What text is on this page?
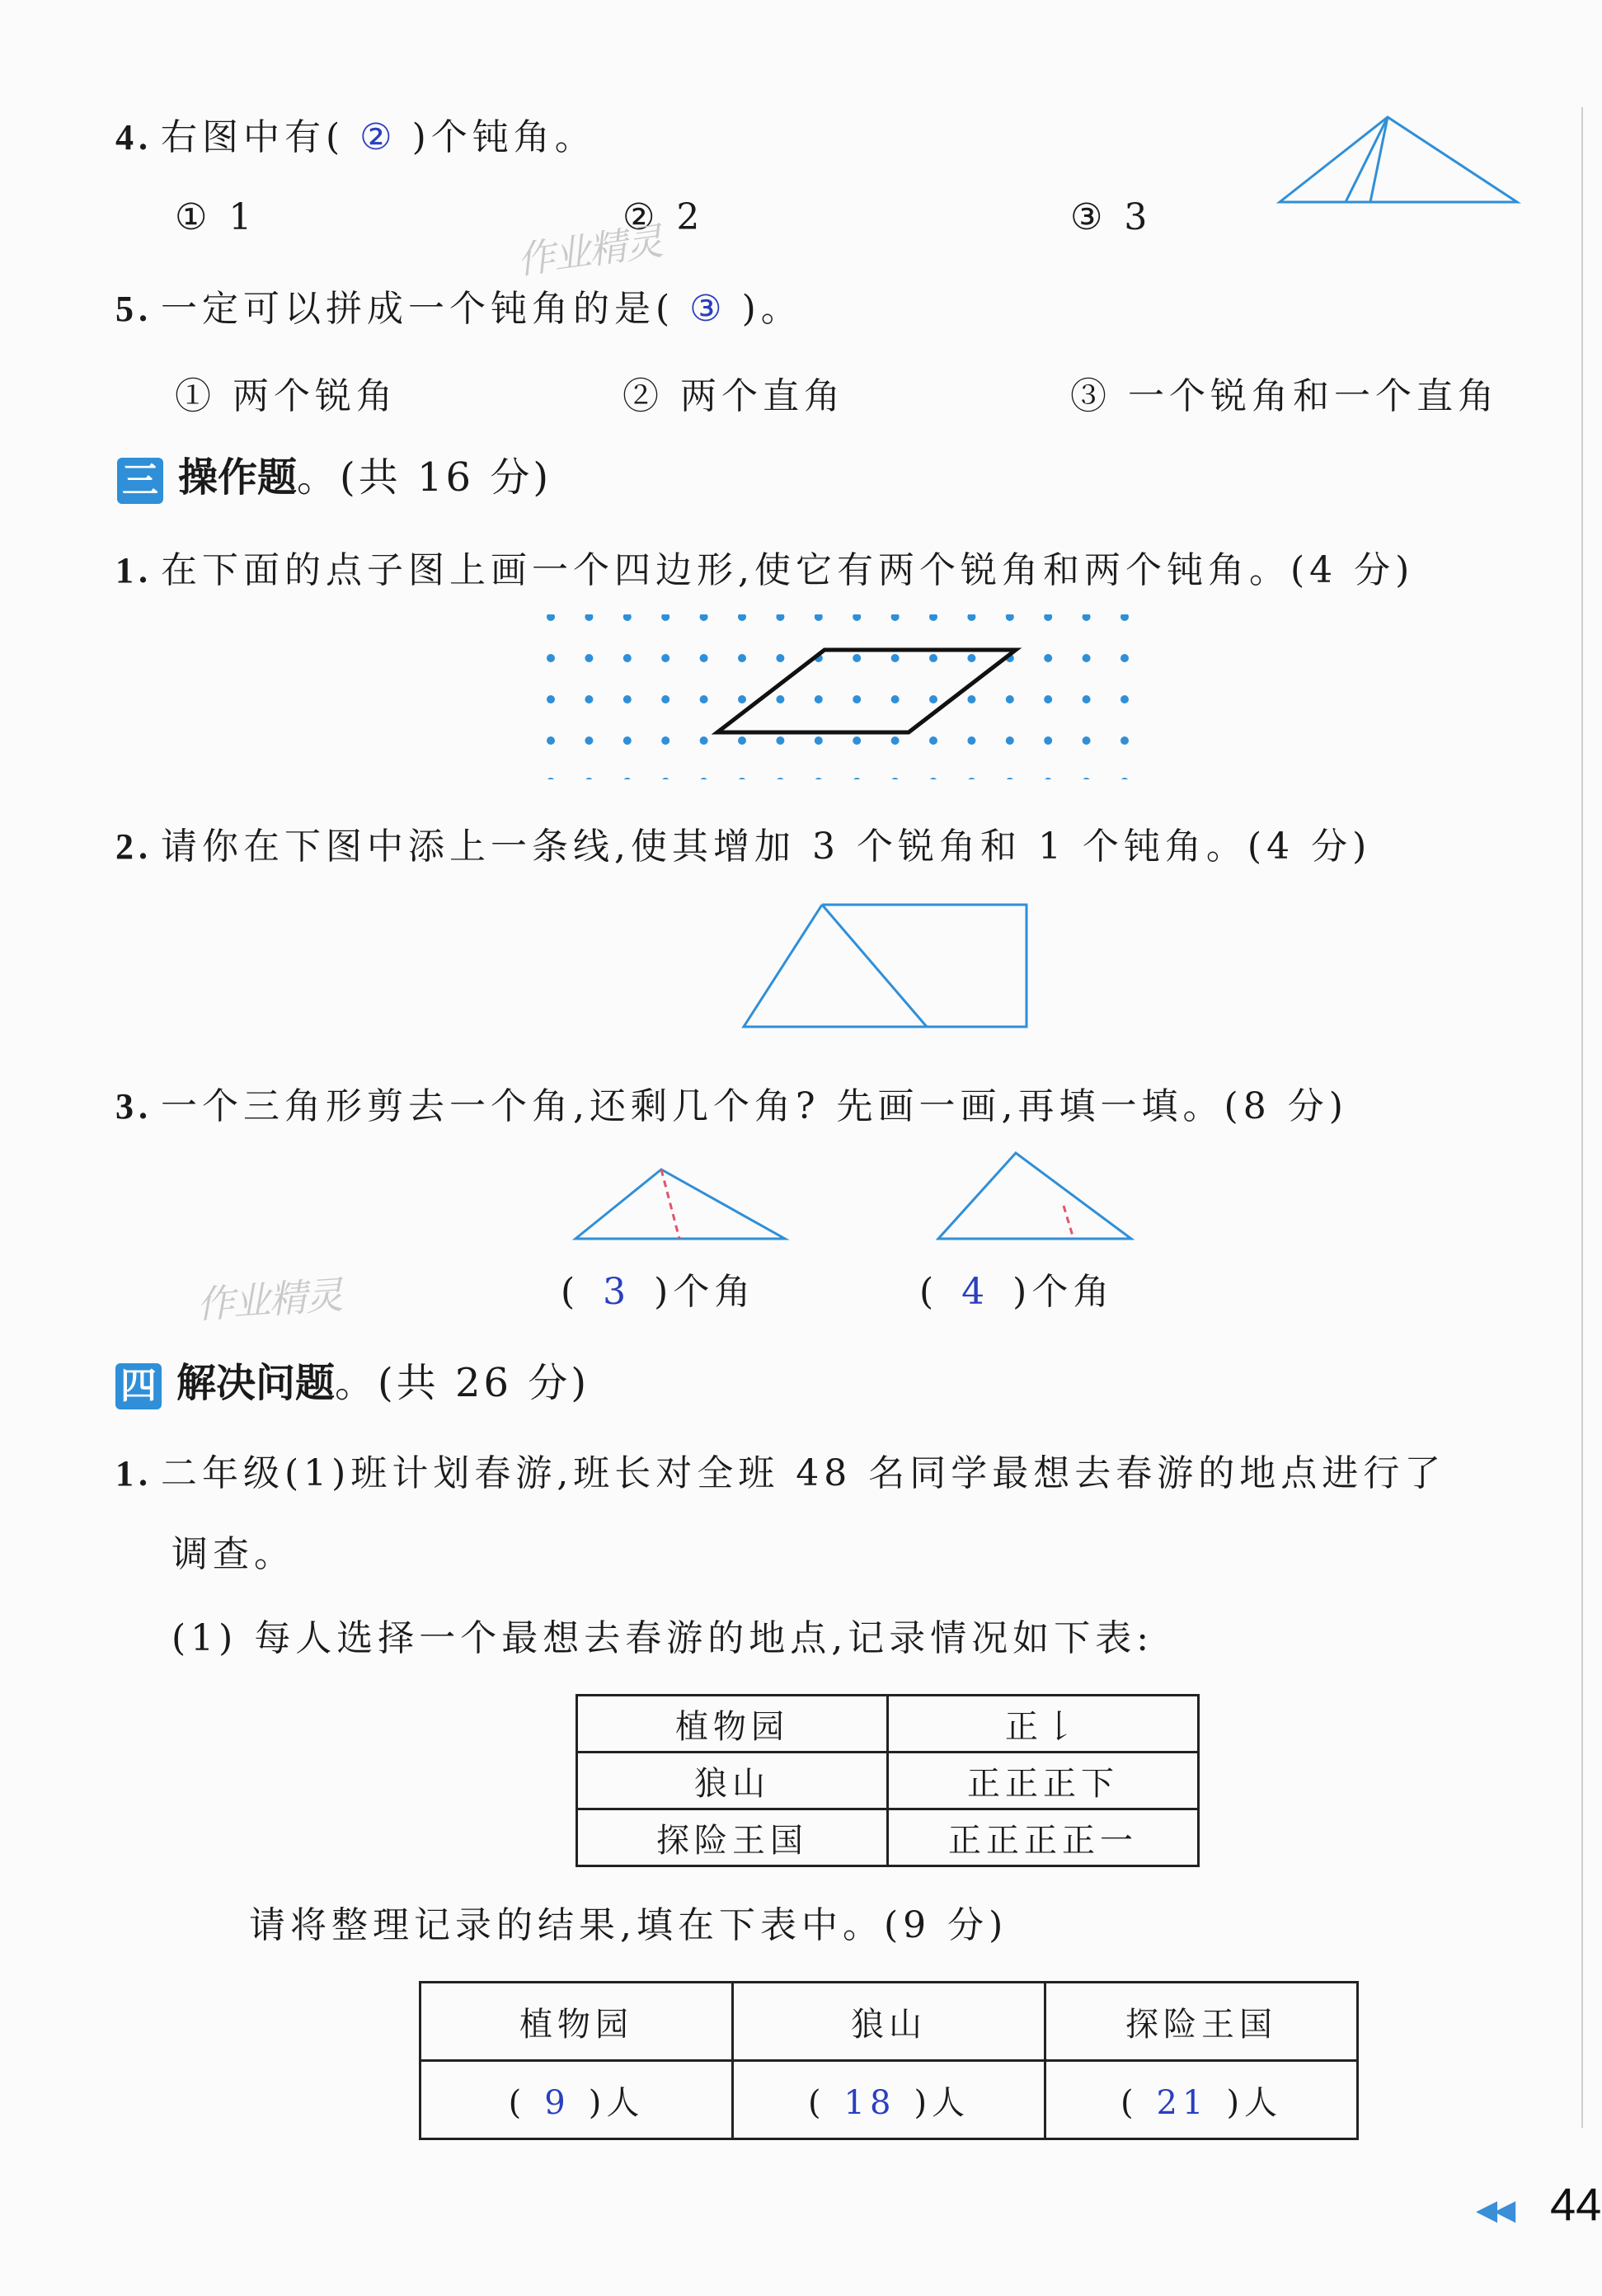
4. 右图中有( ② )个钝角。
① 1	② 2	③ 3
作业精灵
5. 一定可以拼成一个钝角的是( ③ )。
① 两个锐角	② 两个直角	③ 一个锐角和一个直角
三 操作题。(共 16 分)
1. 在下面的点子图上画一个四边形,使它有两个锐角和两个钝角。(4 分)
2. 请你在下图中添上一条线,使其增加 3 个锐角和 1 个钝角。(4 分)
3. 一个三角形剪去一个角,还剩几个角? 先画一画,再填一填。(8 分)
( 3 )个角	( 4 )个角
作业精灵
四 解决问题。(共 26 分)
1. 二年级(1)班计划春游,班长对全班 48 名同学最想去春游的地点进行了
调查。
(1) 每人选择一个最想去春游的地点,记录情况如下表:
植物园	正𠄌
狼山	正正正下
探险王国	正正正正一
请将整理记录的结果,填在下表中。(9 分)
植物园	狼山	探险王国
( 9 )人	( 18 )人	( 21 )人
◀◀ 44
